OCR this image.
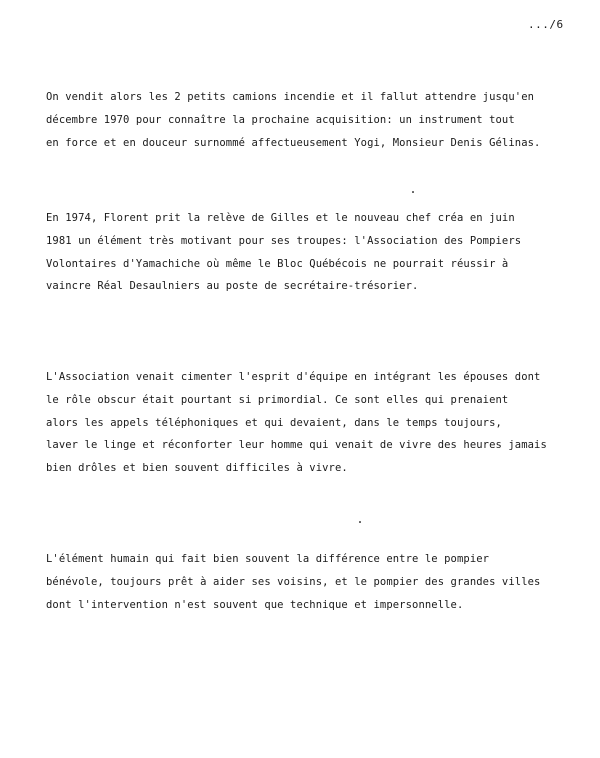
.../6
On vendit alors les 2 petits camions incendie et il fallut attendre jusqu'en
décembre 1970 pour connaître la prochaine acquisition: un instrument tout
en force et en douceur surnommé affectueusement Yogi, Monsieur Denis Gélinas.
En 1974, Florent prit la relève de Gilles et le nouveau chef créa en juin
1981 un élément très motivant pour ses troupes: l'Association des Pompiers
Volontaires d'Yamachiche où même le Bloc Québécois ne pourrait réussir à
vaincre Réal Desaulniers au poste de secrétaire-trésorier.
L'Association venait cimenter l'esprit d'équipe en intégrant les épouses dont
le rôle obscur était pourtant si primordial. Ce sont elles qui prenaient
alors les appels téléphoniques et qui devaient, dans le temps toujours,
laver le linge et réconforter leur homme qui venait de vivre des heures jamais
bien drôles et bien souvent difficiles à vivre.
L'élément humain qui fait bien souvent la différence entre le pompier
bénévole, toujours prêt à aider ses voisins, et le pompier des grandes villes
dont l'intervention n'est souvent que technique et impersonnelle.
